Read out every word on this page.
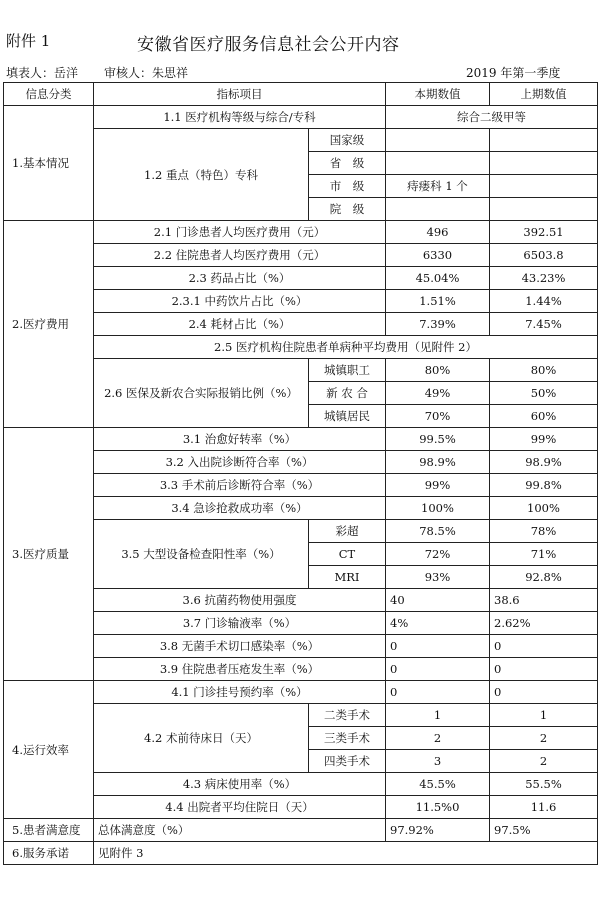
附件 1	安徽省医疗服务信息社会公开内容
填表人：岳洋 审核人：朱思祥	2019 年第一季度
信息分类	指标项目		本期数值	上期数值
1.基本情况	1.1 医疗机构等级与综合/专科		综合二级甲等	
	1.2 重点（特色）专科	国家级		
		省　级		
		市　级	痔瘘科 1 个	
		院　级		
2.医疗费用	2.1 门诊患者人均医疗费用（元）		496	392.51
	2.2 住院患者人均医疗费用（元）		6330	6503.8
	2.3 药品占比（%）		45.04%	43.23%
	2.3.1 中药饮片占比（%）		1.51%	1.44%
	2.4 耗材占比（%）		7.39%	7.45%
	2.5 医疗机构住院患者单病种平均费用（见附件 2）			
	2.6 医保及新农合实际报销比例（%）	城镇职工	80%	80%
		新 农 合	49%	50%
		城镇居民	70%	60%
3.医疗质量	3.1 治愈好转率（%）		99.5%	99%
	3.2 入出院诊断符合率（%）		98.9%	98.9%
	3.3 手术前后诊断符合率（%）		99%	99.8%
	3.4 急诊抢救成功率（%）		100%	100%
	3.5 大型设备检查阳性率（%）	彩超	78.5%	78%
		CT	72%	71%
		MRI	93%	92.8%
	3.6 抗菌药物使用强度		40	38.6
	3.7 门诊输液率（%）		4%	2.62%
	3.8 无菌手术切口感染率（%）		0	0
	3.9 住院患者压疮发生率（%）		0	0
4.运行效率	4.1 门诊挂号预约率（%）		0	0
	4.2 术前待床日（天）	二类手术	1	1
		三类手术	2	2
		四类手术	3	2
	4.3 病床使用率（%）		45.5%	55.5%
	4.4 出院者平均住院日（天）		11.5%0	11.6
5.患者满意度	总体满意度（%）		97.92%	97.5%
6.服务承诺	见附件 3			
